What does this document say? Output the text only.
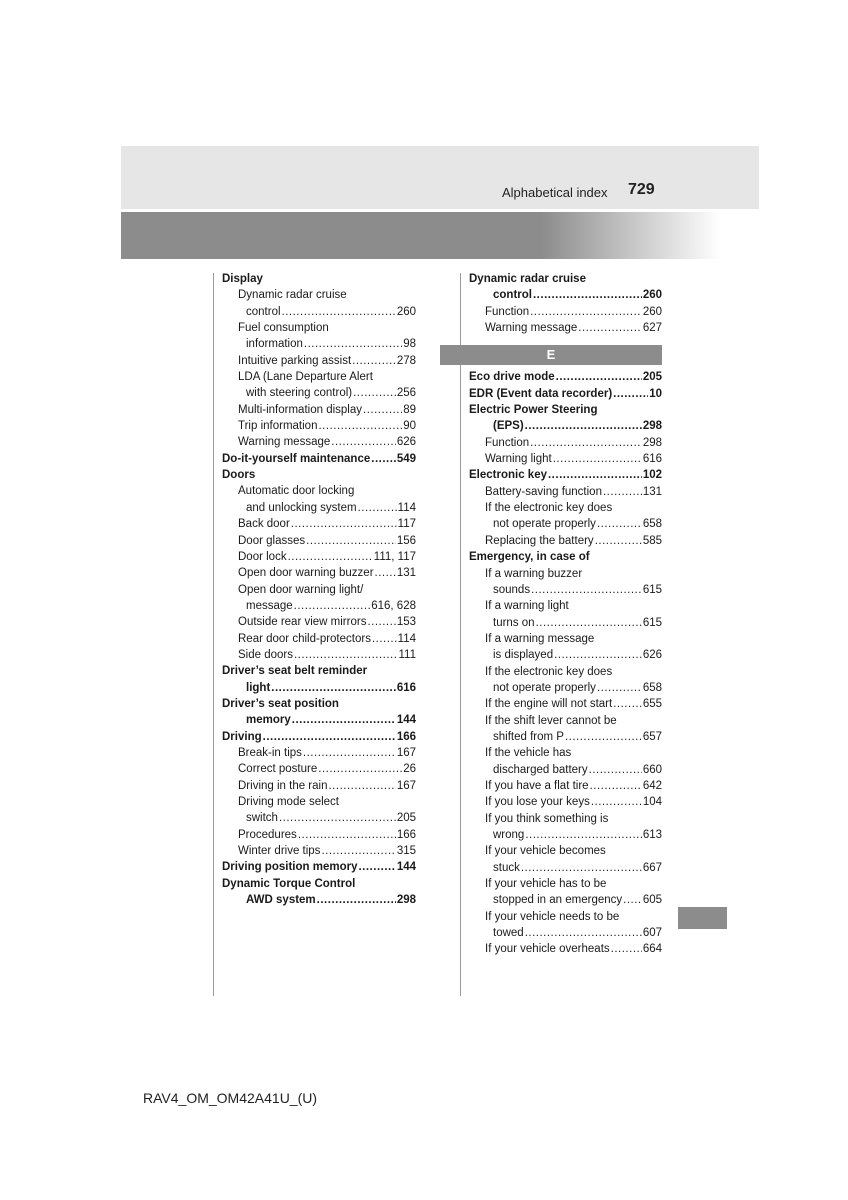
Alphabetical index 729
Display
Dynamic radar cruise
control .....	260
Fuel consumption
information .....	98
Intuitive parking assist .....	278
LDA (Lane Departure Alert
with steering control) .....	256
Multi-information display .....	89
Trip information .....	90
Warning message .....	626
Do-it-yourself maintenance ..... 549
Doors
Automatic door locking
and unlocking system .....	114
Back door .....	117
Door glasses .....	156
Door lock .....	111, 117
Open door warning buzzer ..... 131
Open door warning light/
message .....	616, 628
Outside rear view mirrors .....	153
Rear door child-protectors ..... 114
Side doors .....	111
Driver’s seat belt reminder
light .....	616
Driver’s seat position
memory .....	144
Driving .....	166
Break-in tips .....	167
Correct posture .....	26
Driving in the rain .....	167
Driving mode select
switch .....	205
Procedures .....	166
Winter drive tips .....	315
Driving position memory .....	144
Dynamic Torque Control
AWD system .....	298
Dynamic radar cruise
control .....	260
Function .....	260
Warning message .....	627
E
Eco drive mode .....	205
EDR (Event data recorder) .....	10
Electric Power Steering
(EPS) .....	298
Function .....	298
Warning light .....	616
Electronic key .....	102
Battery-saving function .....	131
If the electronic key does
not operate properly .....	658
Replacing the battery .....	585
Emergency, in case of
If a warning buzzer
sounds .....	615
If a warning light
turns on .....	615
If a warning message
is displayed .....	626
If the electronic key does
not operate properly .....	658
If the engine will not start .....	655
If the shift lever cannot be
shifted from P .....	657
If the vehicle has
discharged battery .....	660
If you have a flat tire .....	642
If you lose your keys .....	104
If you think something is
wrong .....	613
If your vehicle becomes
stuck .....	667
If your vehicle has to be
stopped in an emergency ..... 605
If your vehicle needs to be
towed .....	607
If your vehicle overheats .....	664
RAV4_OM_OM42A41U_(U)
